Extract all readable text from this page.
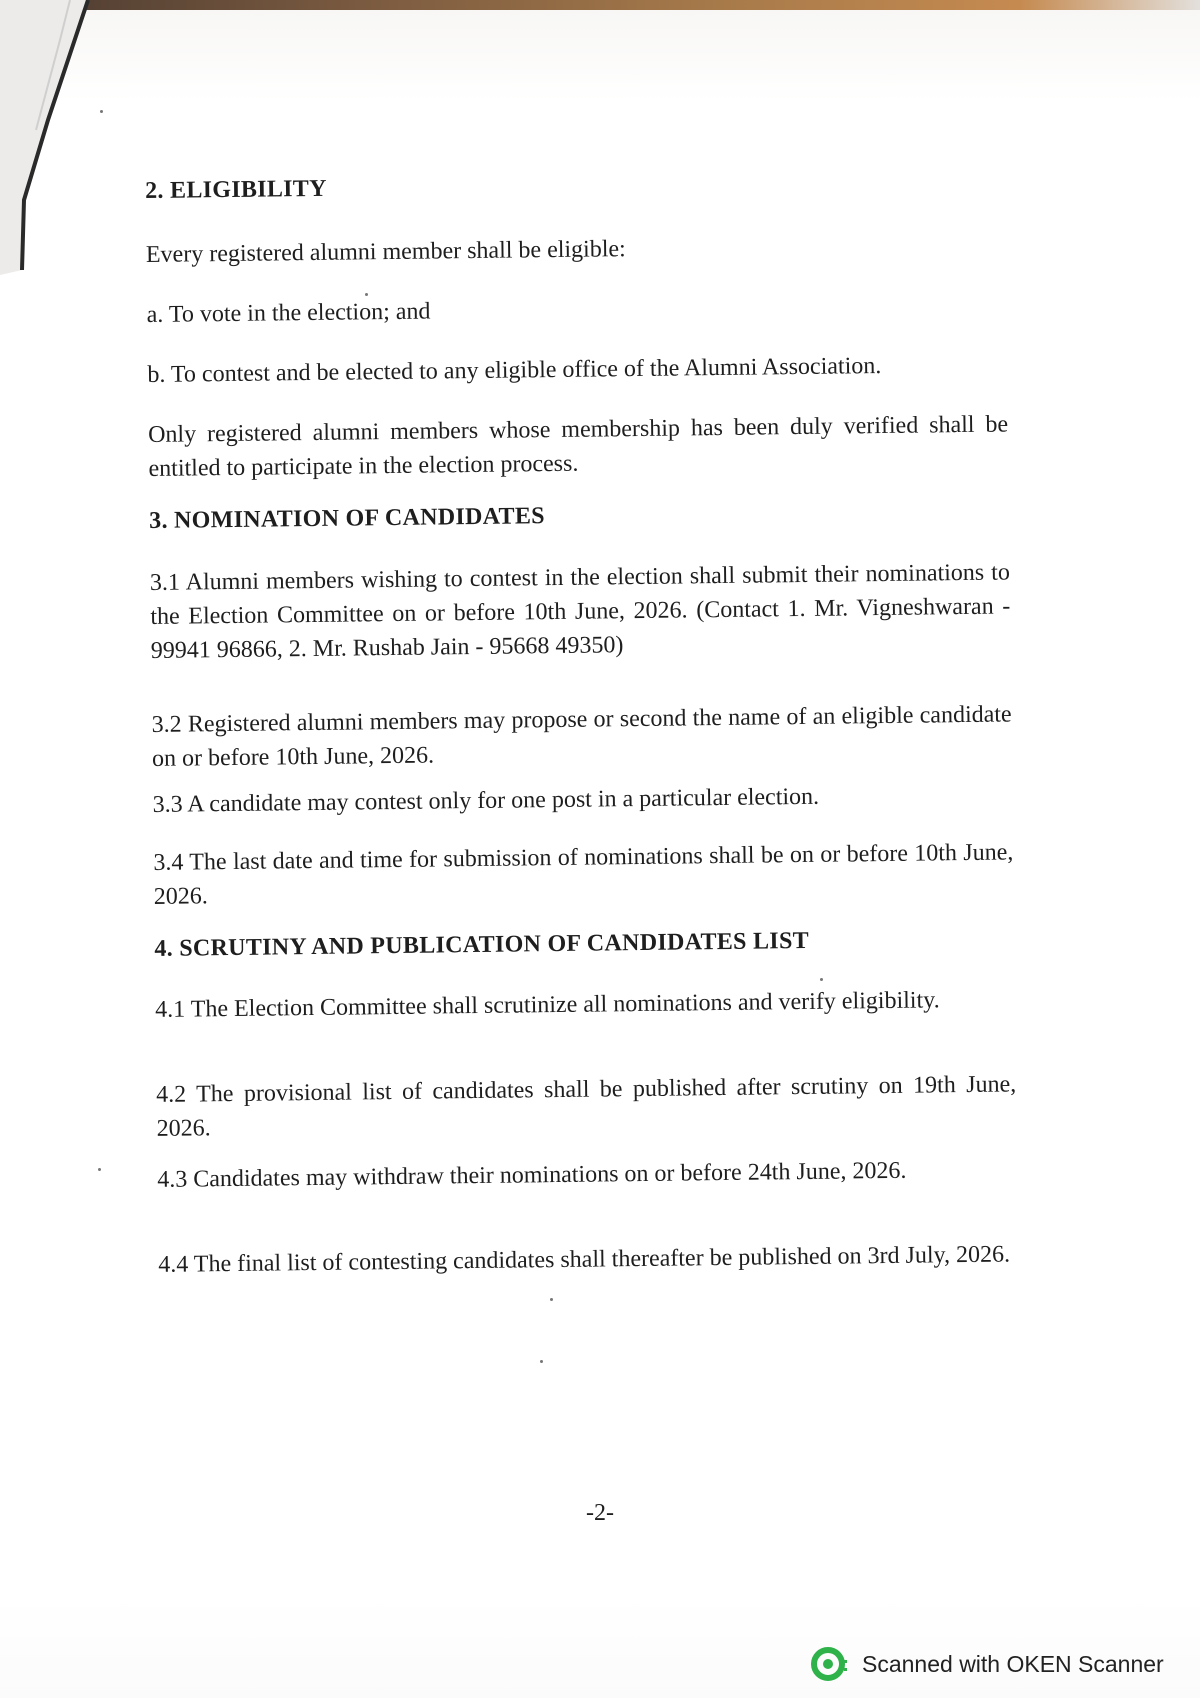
2. ELIGIBILITY

Every registered alumni member shall be eligible:

a. To vote in the election; and

b. To contest and be elected to any eligible office of the Alumni Association.

Only registered alumni members whose membership has been duly verified shall be entitled to participate in the election process.

3. NOMINATION OF CANDIDATES

3.1 Alumni members wishing to contest in the election shall submit their nominations to the Election Committee on or before 10th June, 2026. (Contact 1. Mr. Vigneshwaran - 99941 96866, 2. Mr. Rushab Jain - 95668 49350)

3.2 Registered alumni members may propose or second the name of an eligible candidate on or before 10th June, 2026.

3.3 A candidate may contest only for one post in a particular election.

3.4 The last date and time for submission of nominations shall be on or before 10th June, 2026.

4. SCRUTINY AND PUBLICATION OF CANDIDATES LIST

4.1 The Election Committee shall scrutinize all nominations and verify eligibility.

4.2 The provisional list of candidates shall be published after scrutiny on 19th June, 2026.

4.3 Candidates may withdraw their nominations on or before 24th June, 2026.

4.4 The final list of contesting candidates shall thereafter be published on 3rd July, 2026.

-2-
Scanned with OKEN Scanner
